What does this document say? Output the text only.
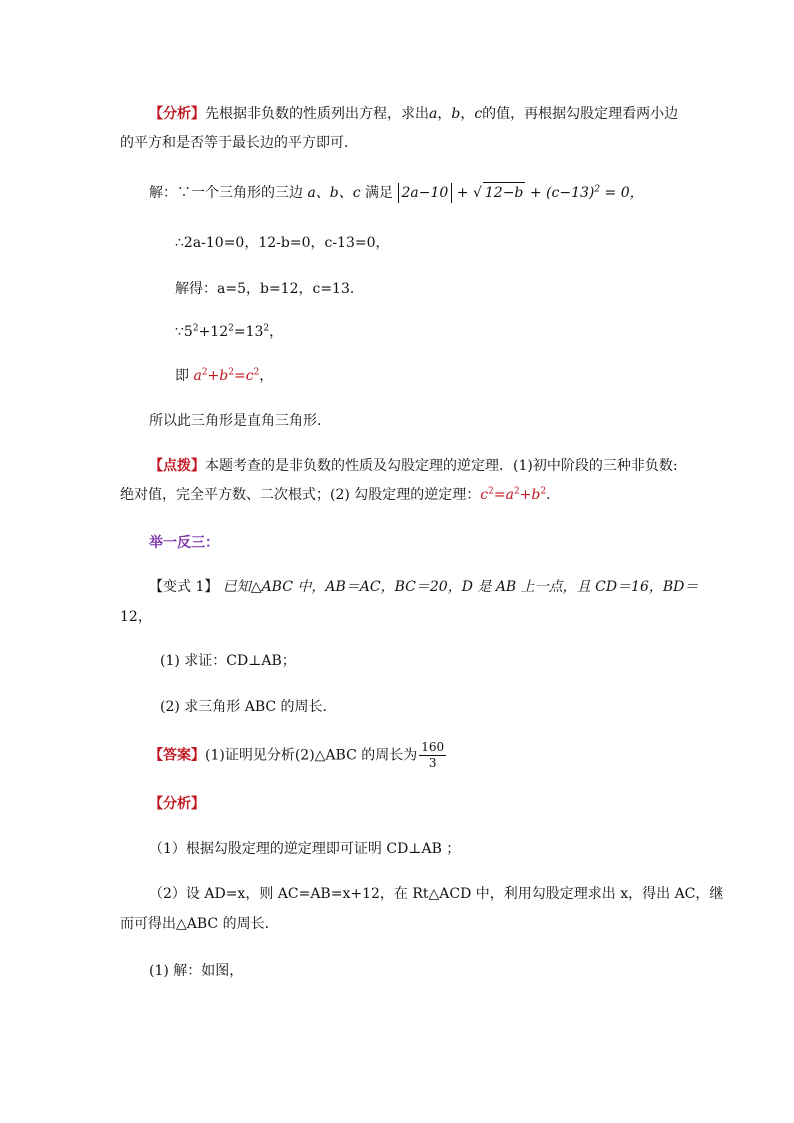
【分析】先根据非负数的性质列出方程，求出a，b，c的值，再根据勾股定理看两小边
的平方和是否等于最长边的平方即可．
解：∵一个三角形的三边 a、b、c 满足 2a−10 + √ $12-b + (c-13)^2 = 0$，
∴2a-10=0，12-b=0，c-13=0，
解得：a=5，b=12，c=13．
$\because 5^2+12^2=13^2$，
即 $a^2+b^2=c^2$，
所以此三角形是直角三角形．
【点拨】本题考查的是非负数的性质及勾股定理的逆定理．(1)初中阶段的三种非负数:
绝对值，完全平方数、二次根式；(2) 勾股定理的逆定理：$c^2=a^2+b^2$．
举一反三：
【变式 1】 已知△ABC 中，AB＝AC，BC＝20，D 是 AB 上一点，且 CD＝16，BD＝
12，
(1) 求证：CD⊥AB；
(2) 求三角形 ABC 的周长．
【答案】(1)证明见分析(2)△ABC 的周长为 $\frac{160}{3}$
【分析】
（1）根据勾股定理的逆定理即可证明 CD⊥AB ；
（2）设 AD=x，则 AC=AB=x+12，在 Rt△ACD 中，利用勾股定理求出 x，得出 AC，继
而可得出△ABC 的周长．
(1) 解：如图，
